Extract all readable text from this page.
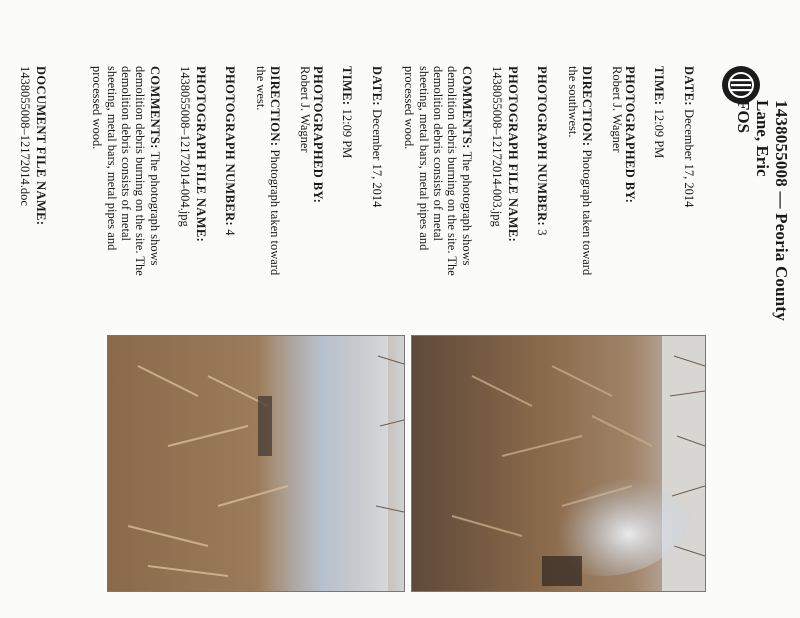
1438055008 — Peoria County
Lane, Eric
FOS
DATE: December 17, 2014
TIME: 12:09 PM
PHOTOGRAPHED BY:
Robert J. Wagner
DIRECTION: Photograph taken toward the southwest.
PHOTOGRAPH NUMBER: 3
PHOTOGRAPH FILE NAME:
1438055008–12172014-003.jpg
COMMENTS: The photograph shows demolition debris burning on the site. The demolition debris consists of metal sheeting, metal bars, metal pipes and processed wood.
DATE: December 17, 2014
TIME: 12:09 PM
PHOTOGRAPHED BY:
Robert J. Wagner
DIRECTION: Photograph taken toward the west.
PHOTOGRAPH NUMBER: 4
PHOTOGRAPH FILE NAME:
1438055008–12172014-004.jpg
COMMENTS: The photograph shows demolition debris burning on the site. The demolition debris consists of metal sheeting, metal bars, metal pipes and processed wood.
DOCUMENT FILE NAME:
1438055008–12172014.doc
